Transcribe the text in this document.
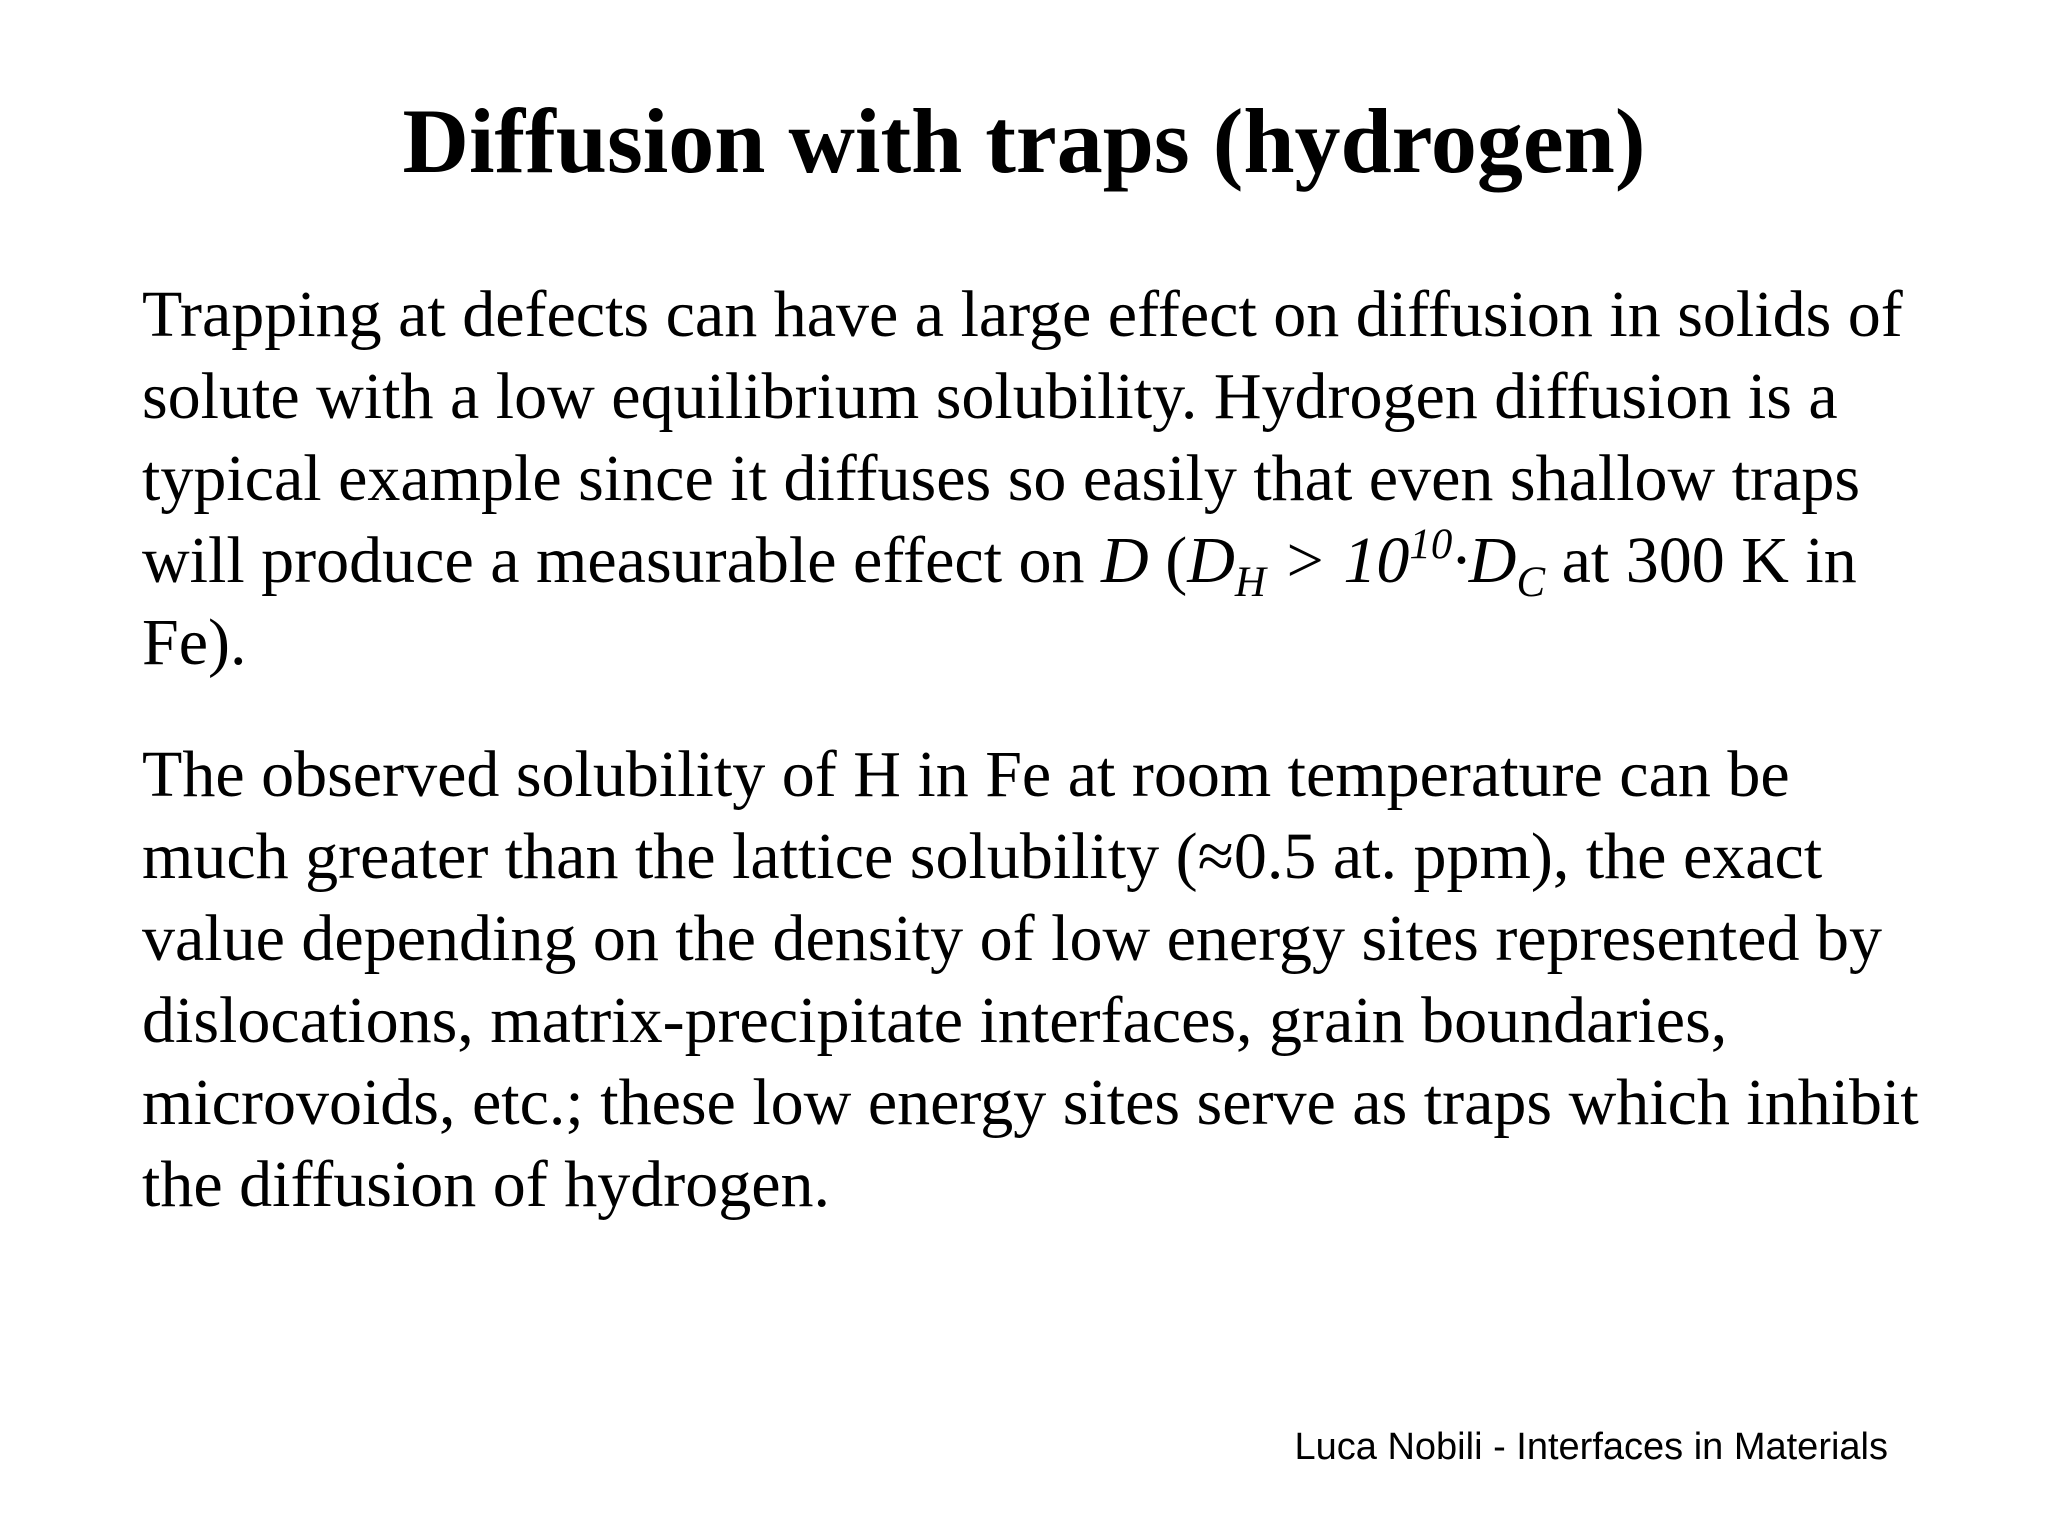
Diffusion with traps (hydrogen)

Trapping at defects can have a large effect on diffusion in solids of solute with a low equilibrium solubility. Hydrogen diffusion is a typical example since it diffuses so easily that even shallow traps will produce a measurable effect on D ($D_H > 10^{10}\cdot D_C$ at 300 K in Fe).

The observed solubility of H in Fe at room temperature can be much greater than the lattice solubility (≈0.5 at. ppm), the exact value depending on the density of low energy sites represented by dislocations, matrix-precipitate interfaces, grain boundaries, microvoids, etc.; these low energy sites serve as traps which inhibit the diffusion of hydrogen.

Luca Nobili - Interfaces in Materials
